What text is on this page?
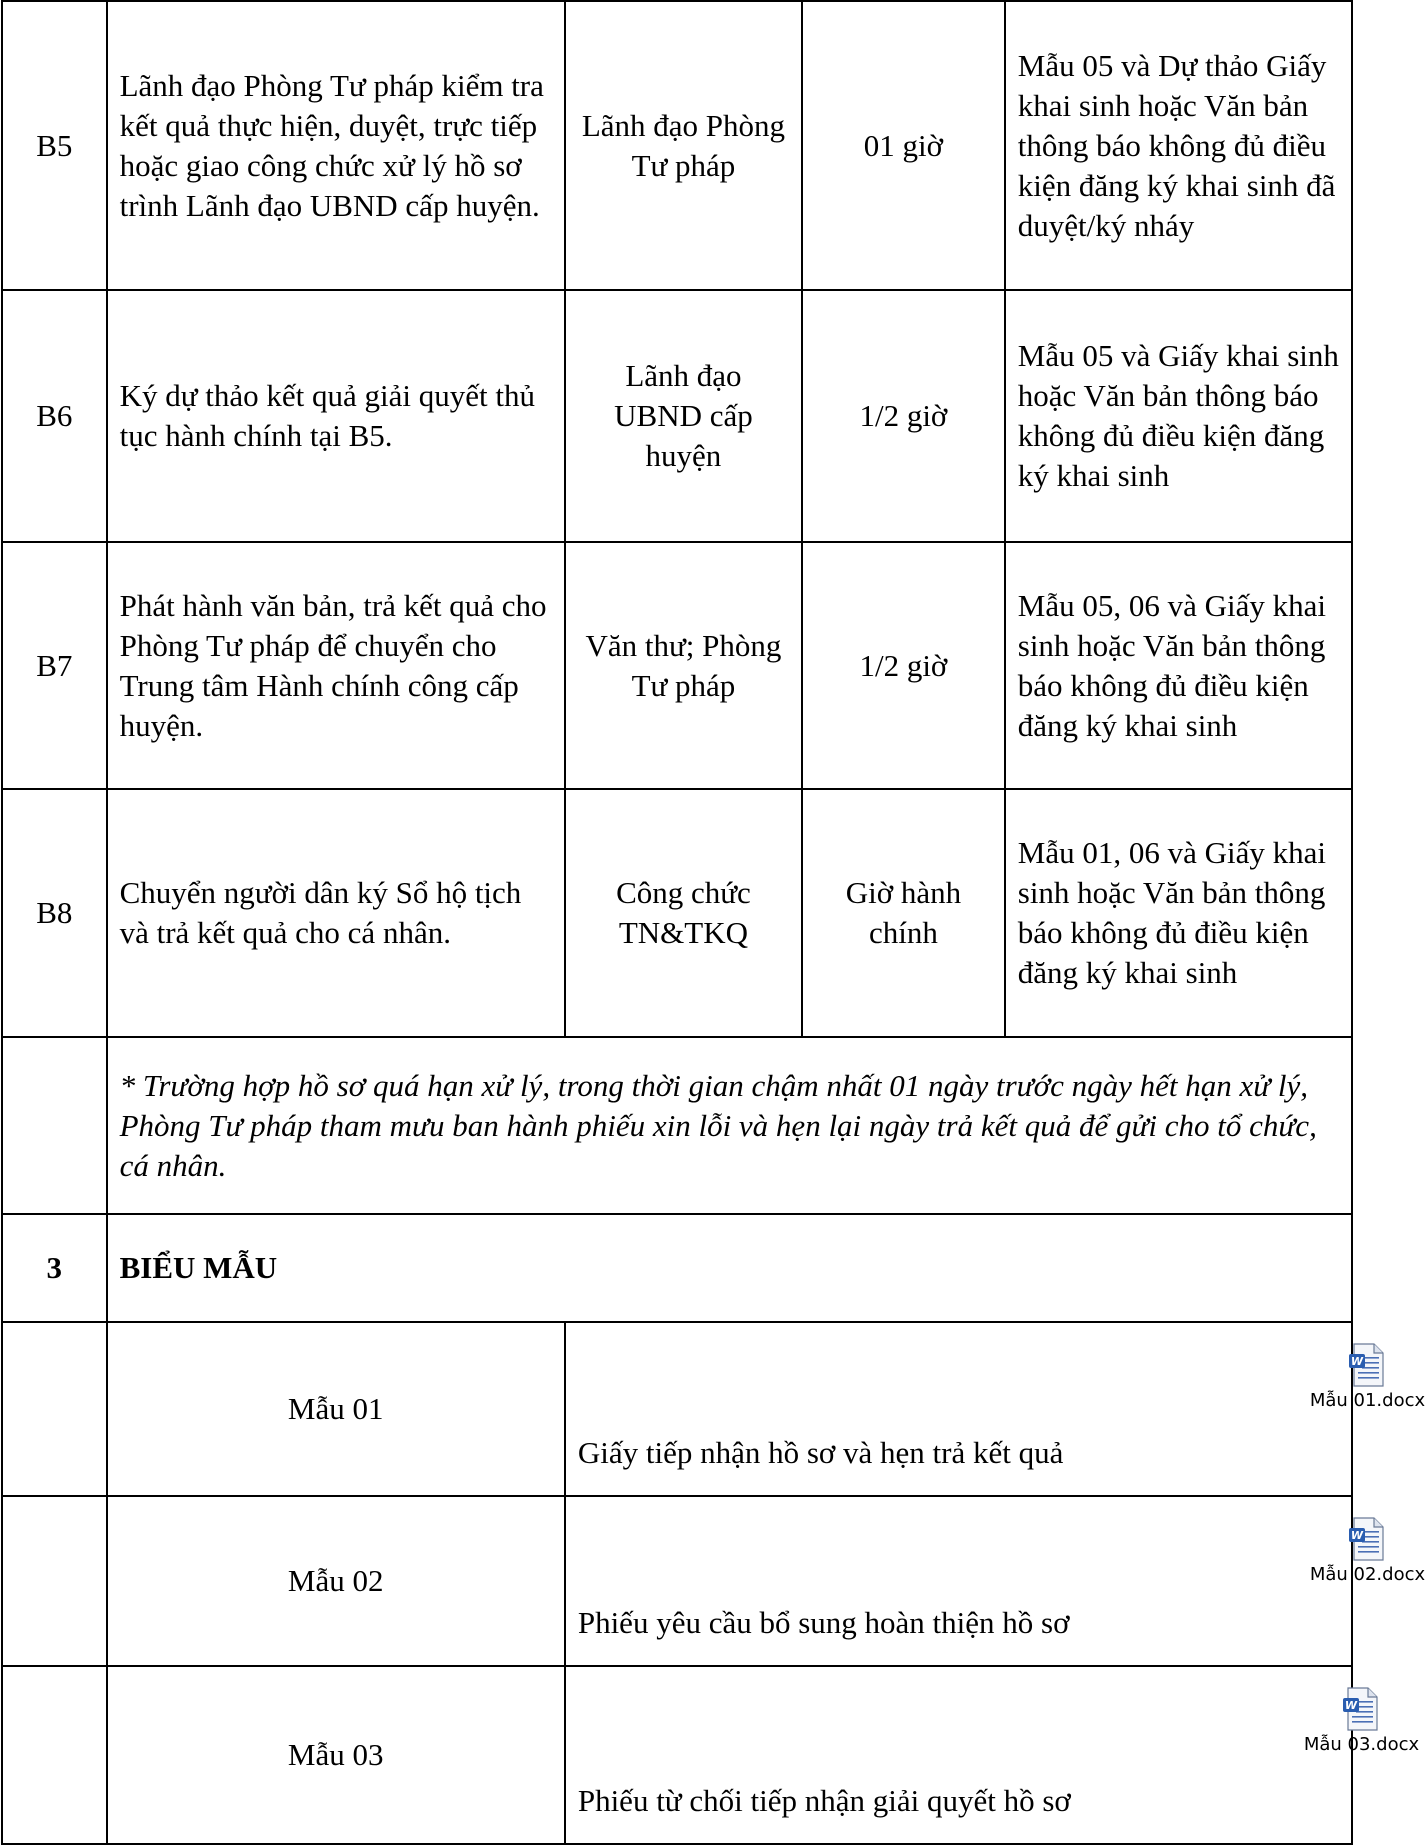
B5	Lãnh đạo Phòng Tư pháp kiểm tra kết quả thực hiện, duyệt, trực tiếp hoặc giao công chức xử lý hồ sơ trình Lãnh đạo UBND cấp huyện.	Lãnh đạo Phòng Tư pháp	01 giờ	Mẫu 05 và Dự thảo Giấy khai sinh hoặc Văn bản thông báo không đủ điều kiện đăng ký khai sinh đã duyệt/ký nháy
B6	Ký dự thảo kết quả giải quyết thủ tục hành chính tại B5.	Lãnh đạo UBND cấp huyện	1/2 giờ	Mẫu 05 và Giấy khai sinh hoặc Văn bản thông báo không đủ điều kiện đăng ký khai sinh
B7	Phát hành văn bản, trả kết quả cho Phòng Tư pháp để chuyển cho Trung tâm Hành chính công cấp huyện.	Văn thư; Phòng Tư pháp	1/2 giờ	Mẫu 05, 06 và Giấy khai sinh hoặc Văn bản thông báo không đủ điều kiện đăng ký khai sinh
B8	Chuyển người dân ký Sổ hộ tịch và trả kết quả cho cá nhân.	Công chức TN&TKQ	Giờ hành chính	Mẫu 01, 06 và Giấy khai sinh hoặc Văn bản thông báo không đủ điều kiện đăng ký khai sinh
	* Trường hợp hồ sơ quá hạn xử lý, trong thời gian chậm nhất 01 ngày trước ngày hết hạn xử lý, Phòng Tư pháp tham mưu ban hành phiếu xin lỗi và hẹn lại ngày trả kết quả để gửi cho tổ chức, cá nhân.			
3	BIỂU MẪU			
	Mẫu 01	Giấy tiếp nhận hồ sơ và hẹn trả kết quả
W
Mẫu 01.docx		

	Mẫu 02	Phiếu yêu cầu bổ sung hoàn thiện hồ sơ
W
Mẫu 02.docx		

	Mẫu 03	Phiếu từ chối tiếp nhận giải quyết hồ sơ
W
Mẫu 03.docx		
